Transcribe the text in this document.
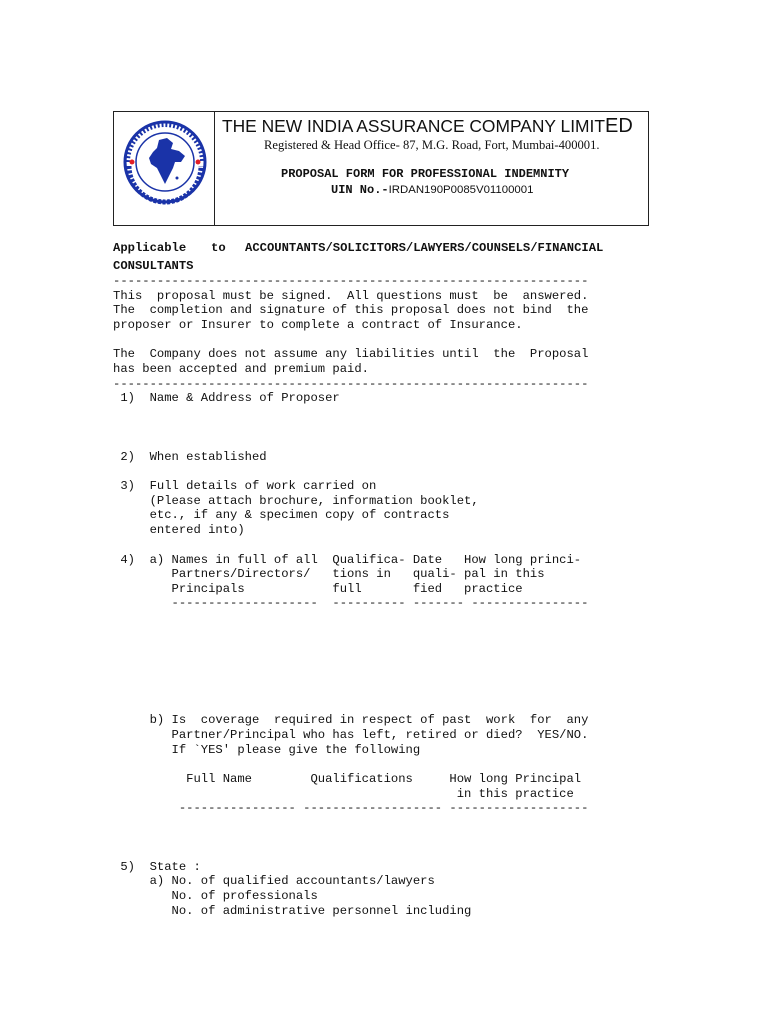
THE NEW INDIA ASSURANCE COMPANY LIMITED
Registered & Head Office- 87, M.G. Road, Fort, Mumbai-400001.
PROPOSAL FORM FOR PROFESSIONAL INDEMNITY
UIN No.-IRDAN190P0085V01100001
Applicable to ACCOUNTANTS/SOLICITORS/LAWYERS/COUNSELS/FINANCIAL
CONSULTANTS
-----------------------------------------------------------------
This  proposal must be signed.  All questions must  be  answered.
The  completion and signature of this proposal does not bind  the
proposer or Insurer to complete a contract of Insurance.
The  Company does not assume any liabilities until  the  Proposal
has been accepted and premium paid.
-----------------------------------------------------------------
1)  Name & Address of Proposer
2)  When established
3)  Full details of work carried on
(Please attach brochure, information booklet,
etc., if any & specimen copy of contracts
entered into)
4)  a) Names in full of all  Qualifica- Date   How long princi-
Partners/Directors/   tions in   quali- pal in this
Principals            full       fied   practice
--------------------  ---------- ------- ----------------
b) Is  coverage  required in respect of past  work  for  any
Partner/Principal who has left, retired or died?  YES/NO.
If `YES' please give the following
Full Name        Qualifications     How long Principal
in this practice
---------------- ------------------- -------------------
5)  State :
a) No. of qualified accountants/lawyers
No. of professionals
No. of administrative personnel including
